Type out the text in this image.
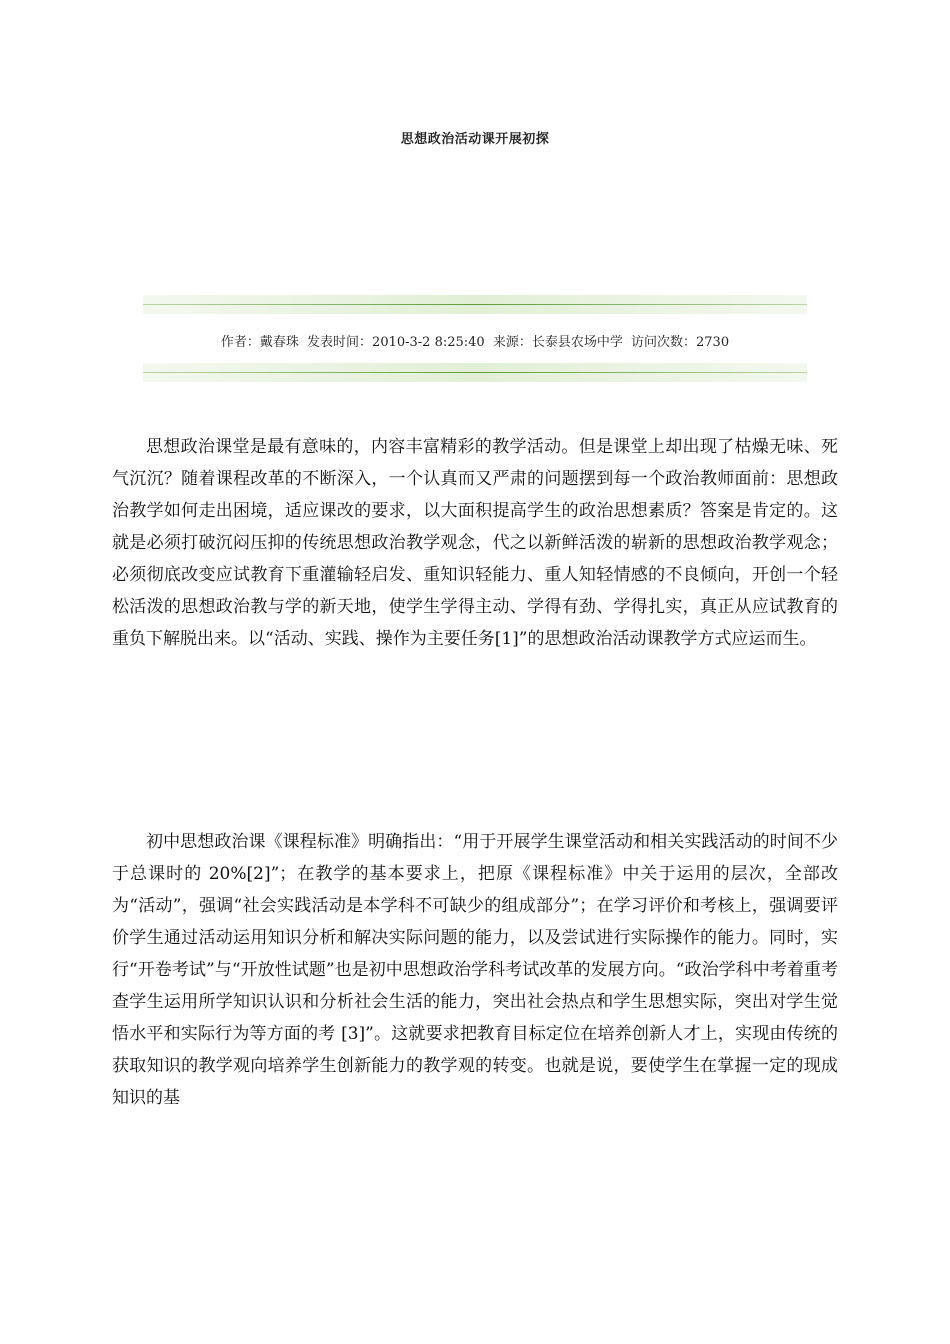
思想政治活动课开展初探
作者：戴春珠 发表时间：2010-3-2 8:25:40 来源：长泰县农场中学 访问次数：2730

思想政治课堂是最有意味的，内容丰富精彩的教学活动。但是课堂上却出现了枯燥无味、死气沉沉？随着课程改革的不断深入，一个认真而又严肃的问题摆到每一个政治教师面前：思想政治教学如何走出困境，适应课改的要求，以大面积提高学生的政治思想素质？答案是肯定的。这就是必须打破沉闷压抑的传统思想政治教学观念，代之以新鲜活泼的崭新的思想政治教学观念；必须彻底改变应试教育下重灌输轻启发、重知识轻能力、重人知轻情感的不良倾向，开创一个轻松活泼的思想政治教与学的新天地，使学生学得主动、学得有劲、学得扎实，真正从应试教育的重负下解脱出来。以“活动、实践、操作为主要任务[1]”的思想政治活动课教学方式应运而生。

初中思想政治课《课程标准》明确指出：“用于开展学生课堂活动和相关实践活动的时间不少于总课时的 20%[2]”；在教学的基本要求上，把原《课程标准》中关于运用的层次，全部改为“活动”，强调“社会实践活动是本学科不可缺少的组成部分”；在学习评价和考核上，强调要评价学生通过活动运用知识分析和解决实际问题的能力，以及尝试进行实际操作的能力。同时，实行“开卷考试”与“开放性试题”也是初中思想政治学科考试改革的发展方向。“政治学科中考着重考查学生运用所学知识认识和分析社会生活的能力，突出社会热点和学生思想实际，突出对学生觉悟水平和实际行为等方面的考 [3]”。这就要求把教育目标定位在培养创新人才上，实现由传统的获取知识的教学观向培养学生创新能力的教学观的转变。也就是说，要使学生在掌握一定的现成知识的基
